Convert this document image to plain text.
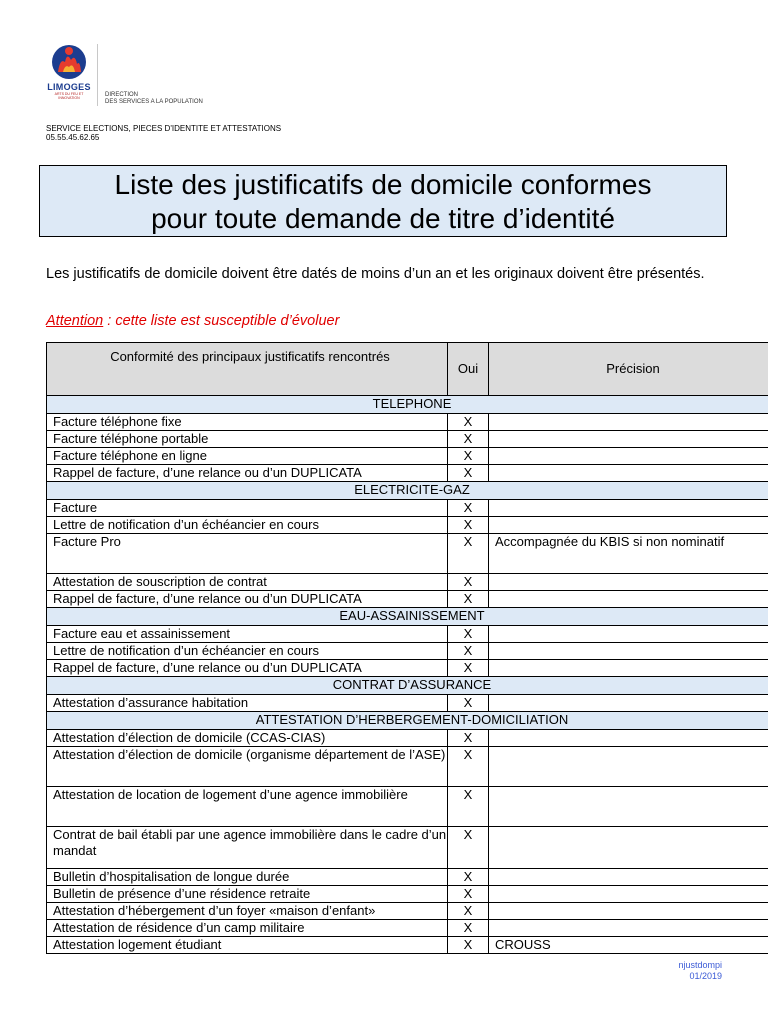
LIMOGES
ARTS DU FEU ET INNOVATION	DIRECTION
DES SERVICES A LA POPULATION
SERVICE ELECTIONS, PIECES D'IDENTITE ET ATTESTATIONS
05.55.45.62.65
Liste des justificatifs de domicile conformes
pour toute demande de titre d’identité
Les justificatifs de domicile doivent être datés de moins d’un an et les originaux doivent être présentés.
Attention : cette liste est susceptible d’évoluer
Conformité des principaux justificatifs rencontrés	Oui	Précision
TELEPHONE		
Facture téléphone fixe	X	
Facture téléphone portable	X	
Facture téléphone en ligne	X	
Rappel de facture, d’une relance ou d’un DUPLICATA	X	
ELECTRICITE-GAZ		
Facture	X	
Lettre de notification d’un échéancier en cours	X	
Facture Pro	X	Accompagnée du KBIS si non nominatif
Attestation de souscription de contrat	X	
Rappel de facture, d’une relance ou d’un DUPLICATA	X	
EAU-ASSAINISSEMENT		
Facture eau et assainissement	X	
Lettre de notification d’un échéancier en cours	X	
Rappel de facture, d’une relance ou d’un DUPLICATA	X	
CONTRAT D’ASSURANCE		
Attestation d’assurance habitation	X	
ATTESTATION D’HERBERGEMENT-DOMICILIATION		
Attestation d’élection de domicile (CCAS-CIAS)	X	
Attestation d’élection de domicile (organisme département de l’ASE)	X	
Attestation de location de logement d’une agence immobilière	X	
Contrat de bail établi par une agence immobilière dans le cadre d’un mandat	X	
Bulletin d’hospitalisation de longue durée	X	
Bulletin de présence d’une résidence retraite	X	
Attestation d’hébergement d’un foyer «maison d’enfant»	X	
Attestation de résidence d’un camp militaire	X	
Attestation logement étudiant	X	CROUSS
njustdompi
01/2019
